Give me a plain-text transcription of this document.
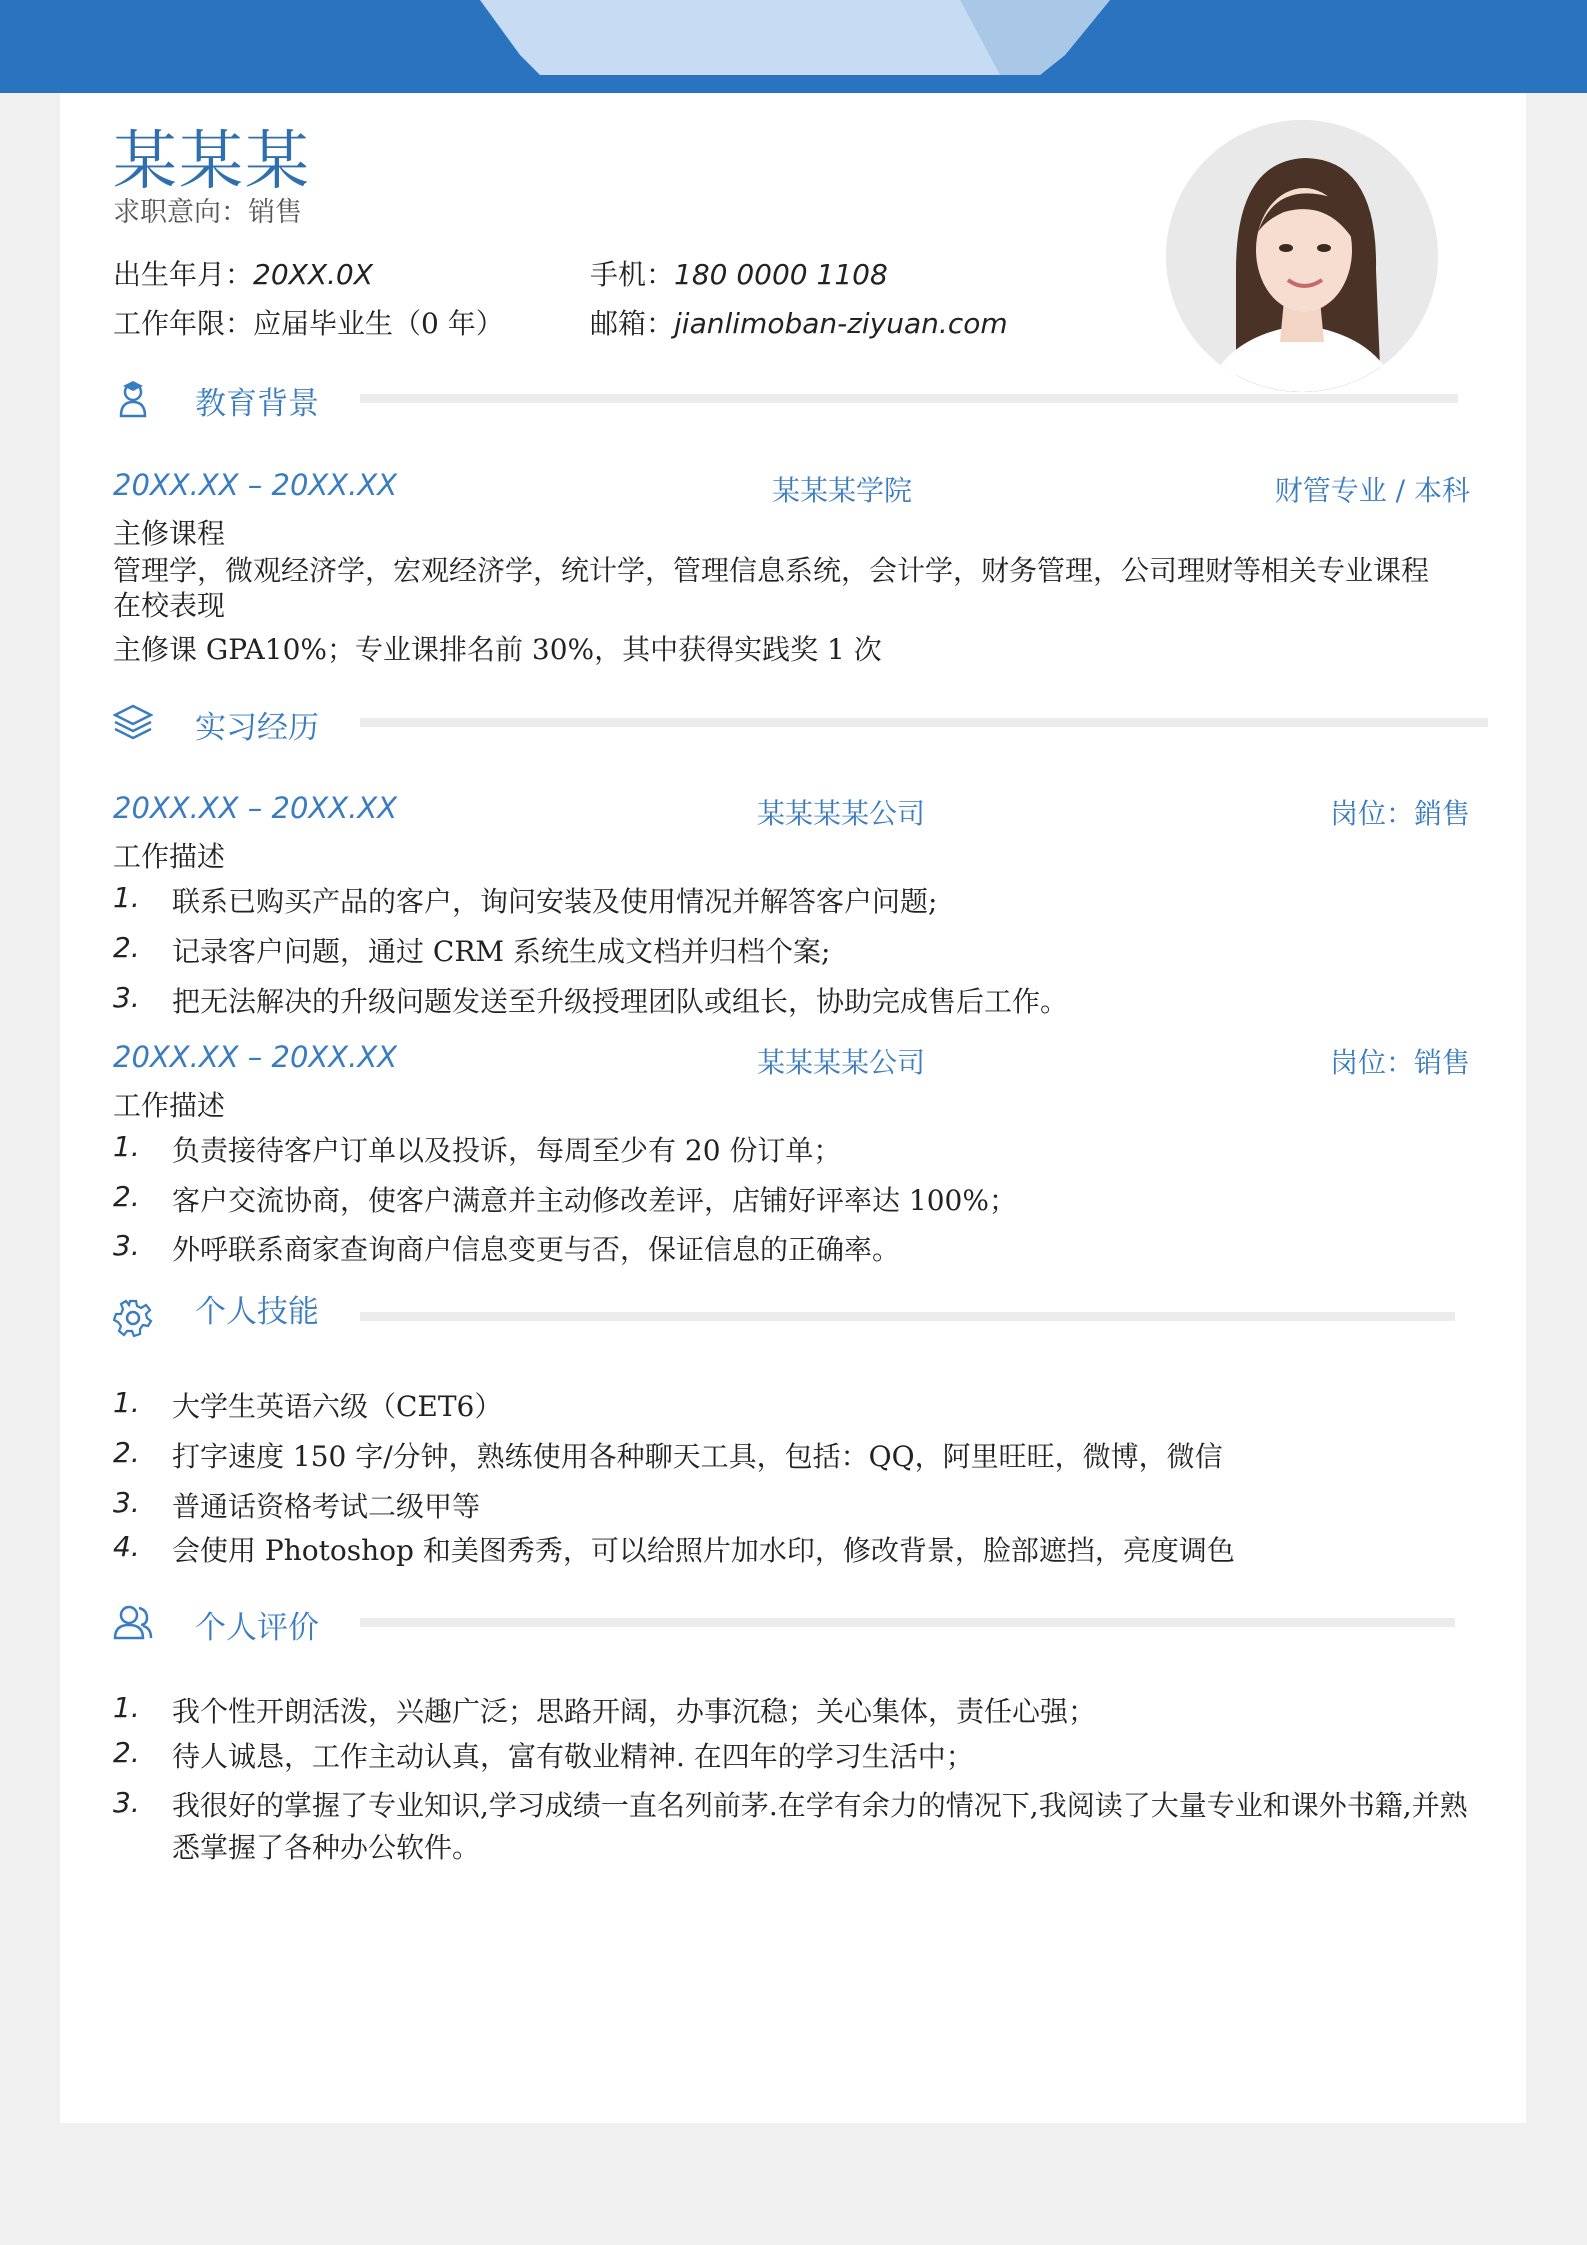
某某某
求职意向：销售
出生年月：20XX.0X	手机：180 0000 1108
工作年限：应届毕业生（0 年）	邮箱：jianlimoban-ziyuan.com
教育背景
20XX.XX – 20XX.XX	某某某学院	财管专业 / 本科
主修课程
管理学，微观经济学，宏观经济学，统计学，管理信息系统，会计学，财务管理，公司理财等相关专业课程
在校表现
主修课 GPA10%；专业课排名前 30%，其中获得实践奖 1 次
实习经历
20XX.XX – 20XX.XX	某某某某公司	岗位：銷售
工作描述
1.	联系已购买产品的客户，询问安装及使用情况并解答客户问题;
2.	记录客户问题，通过 CRM 系统生成文档并归档个案;
3.	把无法解决的升级问题发送至升级授理团队或组长，协助完成售后工作。
20XX.XX – 20XX.XX	某某某某公司	岗位：销售
工作描述
1.	负责接待客户订单以及投诉，每周至少有 20 份订单；
2.	客户交流协商，使客户满意并主动修改差评，店铺好评率达 100%；
3.	外呼联系商家查询商户信息变更与否，保证信息的正确率。
个人技能
1.	大学生英语六级（CET6）
2.	打字速度 150 字/分钟，熟练使用各种聊天工具，包括：QQ，阿里旺旺，微博，微信
3.	普通话资格考试二级甲等
4.	会使用 Photoshop 和美图秀秀，可以给照片加水印，修改背景，脸部遮挡，亮度调色
个人评价
1.	我个性开朗活泼，兴趣广泛；思路开阔，办事沉稳；关心集体，责任心强；
2.	待人诚恳，工作主动认真，富有敬业精神. 在四年的学习生活中；
3.	我很好的掌握了专业知识,学习成绩一直名列前茅.在学有余力的情况下,我阅读了大量专业和课外书籍,并熟悉掌握了各种办公软件。
